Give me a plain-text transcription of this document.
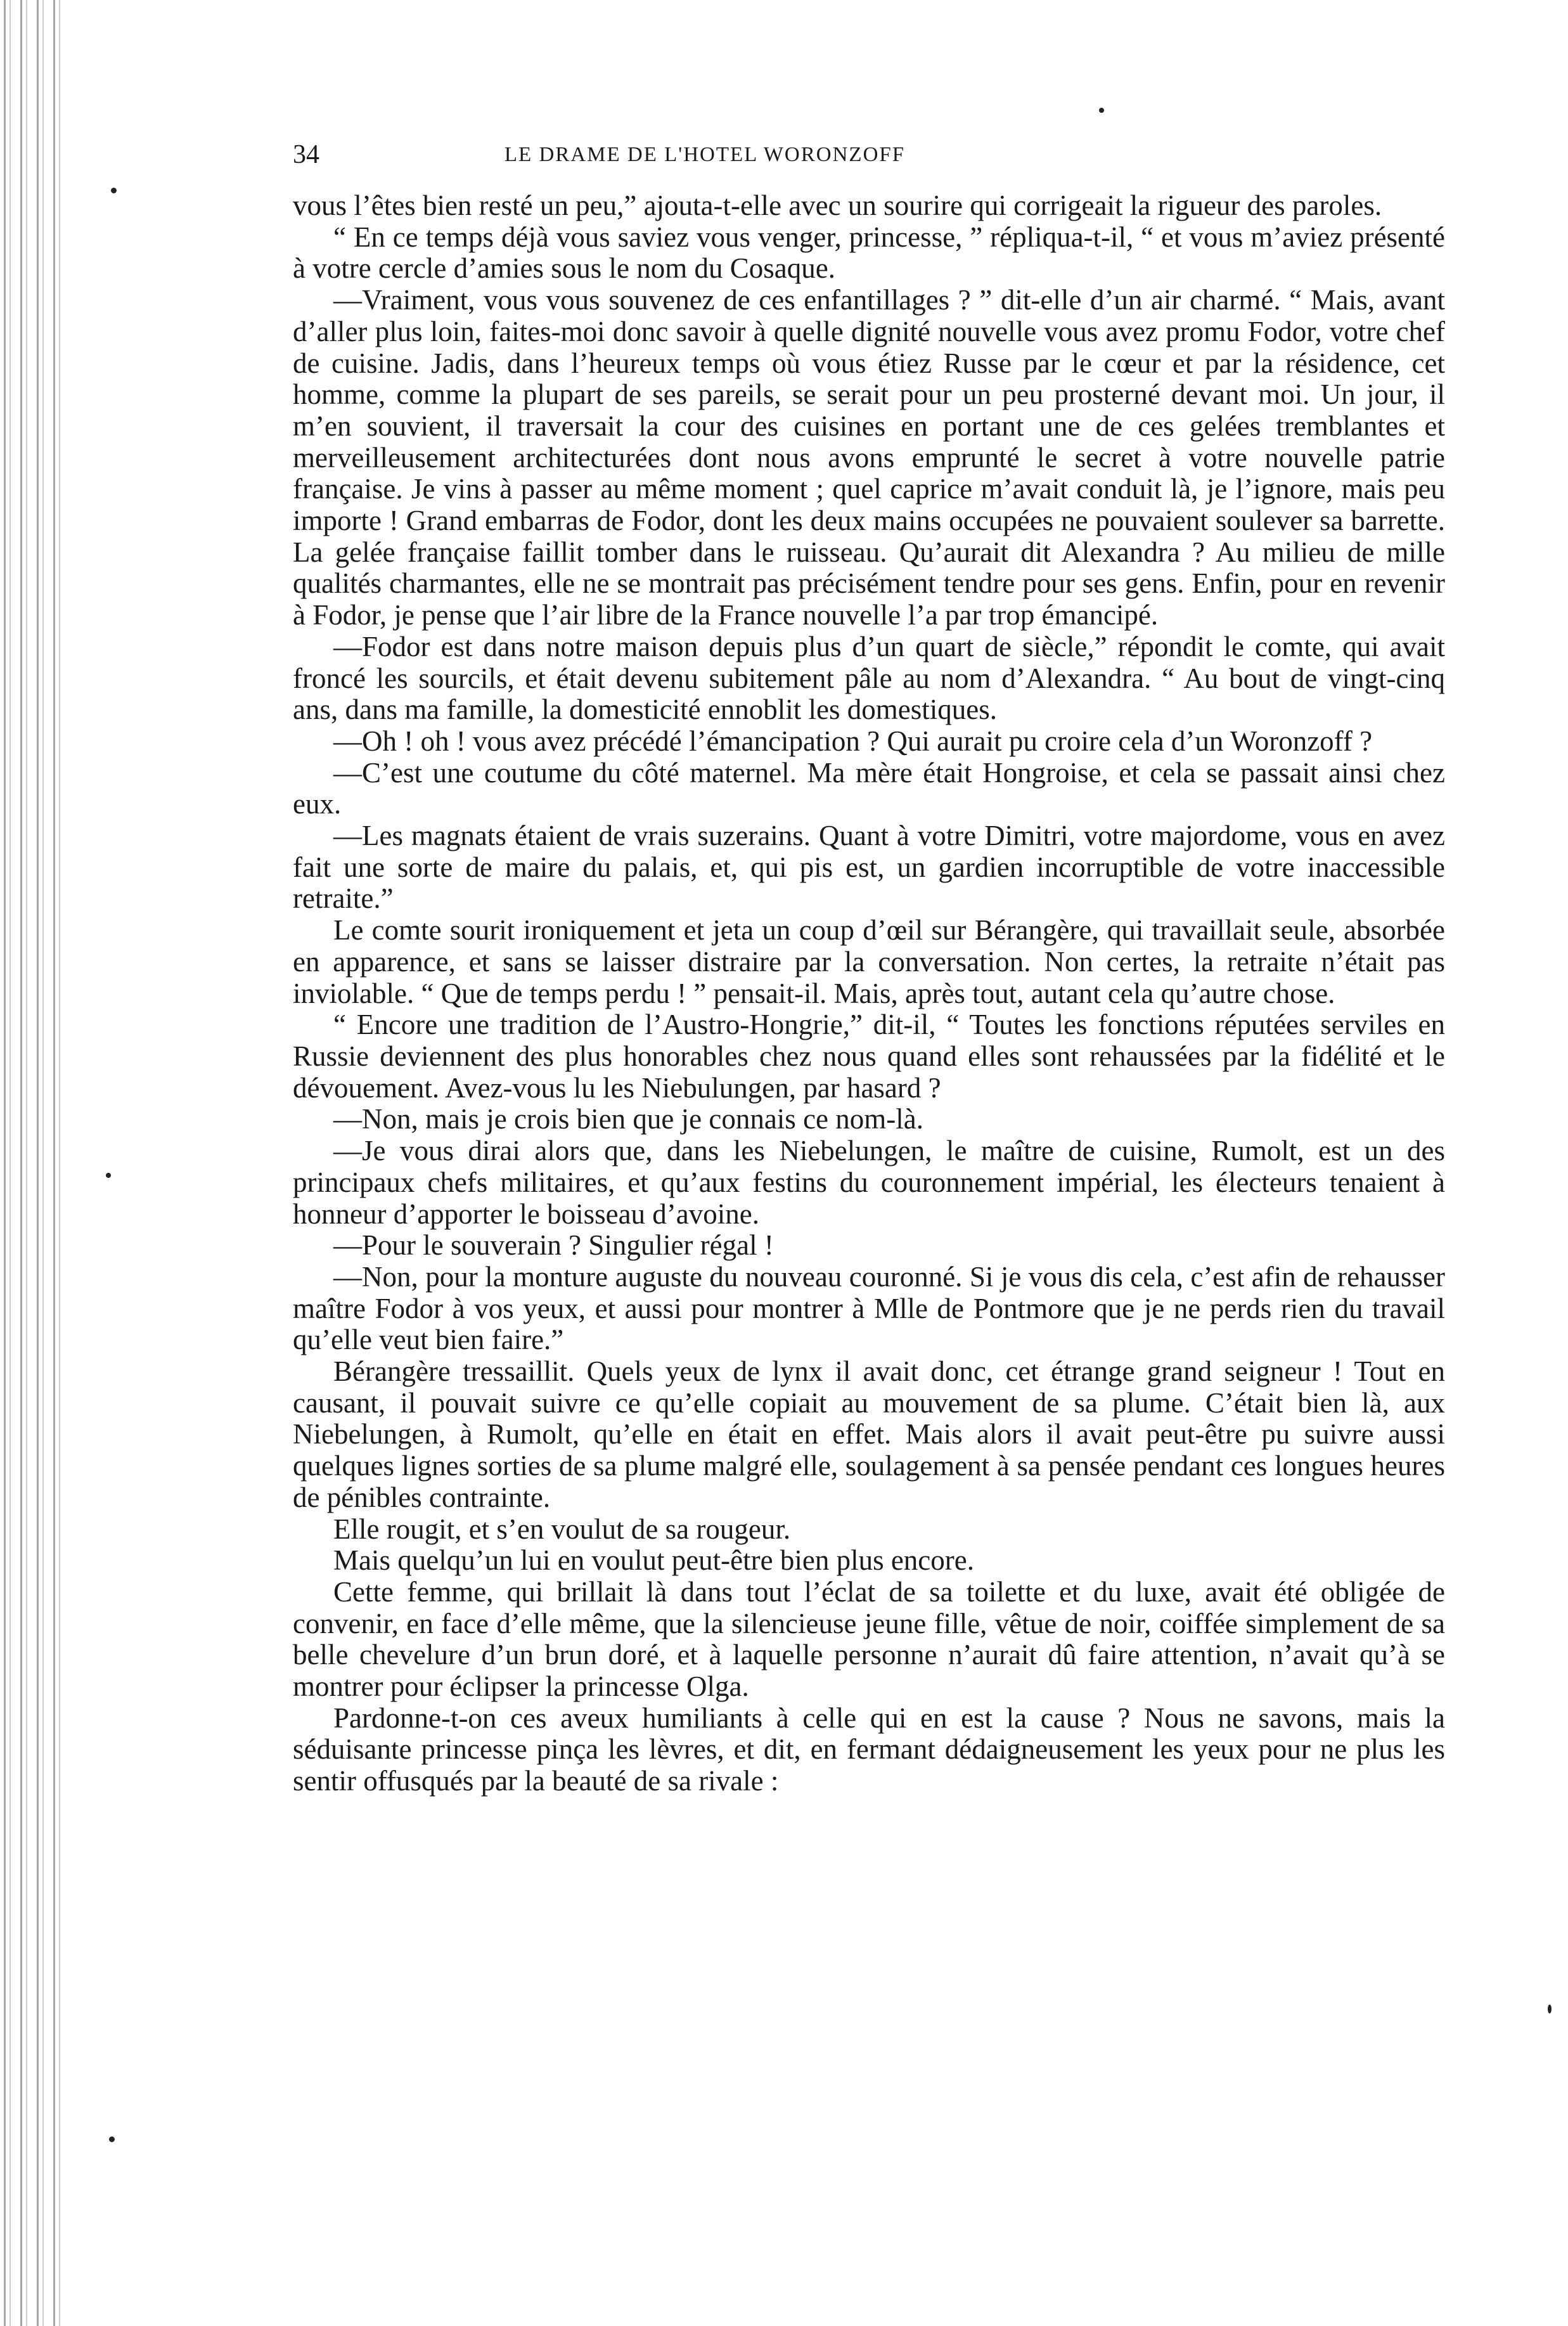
34	LE DRAME DE L'HOTEL WORONZOFF

vous l’êtes bien resté un peu,” ajouta-t-elle avec un sourire qui corrigeait la rigueur des paroles.

“ En ce temps déjà vous saviez vous venger, princesse, ” répliqua-t-il, “ et vous m’aviez présenté à votre cercle d’amies sous le nom du Cosaque.

—Vraiment, vous vous souvenez de ces enfantillages ? ” dit-elle d’un air charmé. “ Mais, avant d’aller plus loin, faites-moi donc savoir à quelle dignité nouvelle vous avez promu Fodor, votre chef de cuisine. Jadis, dans l’heureux temps où vous étiez Russe par le cœur et par la résidence, cet homme, comme la plupart de ses pareils, se serait pour un peu prosterné devant moi. Un jour, il m’en souvient, il traversait la cour des cuisines en portant une de ces gelées tremblantes et merveilleusement architecturées dont nous avons emprunté le secret à votre nouvelle patrie française. Je vins à passer au même moment ; quel caprice m’avait conduit là, je l’ignore, mais peu importe ! Grand embarras de Fodor, dont les deux mains occupées ne pouvaient soulever sa barrette. La gelée française faillit tomber dans le ruisseau. Qu’aurait dit Alexandra ? Au milieu de mille qualités charmantes, elle ne se montrait pas précisément tendre pour ses gens. Enfin, pour en revenir à Fodor, je pense que l’air libre de la France nouvelle l’a par trop émancipé.

—Fodor est dans notre maison depuis plus d’un quart de siècle,” répondit le comte, qui avait froncé les sourcils, et était devenu subitement pâle au nom d’Alexandra. “ Au bout de vingt-cinq ans, dans ma famille, la domesticité ennoblit les domestiques.

—Oh ! oh ! vous avez précédé l’émancipation ? Qui aurait pu croire cela d’un Woronzoff ?

—C’est une coutume du côté maternel. Ma mère était Hongroise, et cela se passait ainsi chez eux.

—Les magnats étaient de vrais suzerains. Quant à votre Dimitri, votre majordome, vous en avez fait une sorte de maire du palais, et, qui pis est, un gardien incorruptible de votre inaccessible retraite.”

Le comte sourit ironiquement et jeta un coup d’œil sur Bérangère, qui travaillait seule, absorbée en apparence, et sans se laisser distraire par la conversation. Non certes, la retraite n’était pas inviolable. “ Que de temps perdu ! ” pensait-il. Mais, après tout, autant cela qu’autre chose.

“ Encore une tradition de l’Austro-Hongrie,” dit-il, “ Toutes les fonctions réputées serviles en Russie deviennent des plus honorables chez nous quand elles sont rehaussées par la fidélité et le dévouement. Avez-vous lu les Niebulungen, par hasard ?

—Non, mais je crois bien que je connais ce nom-là.

—Je vous dirai alors que, dans les Niebelungen, le maître de cuisine, Rumolt, est un des principaux chefs militaires, et qu’aux festins du couronnement impérial, les électeurs tenaient à honneur d’apporter le boisseau d’avoine.

—Pour le souverain ? Singulier régal !

—Non, pour la monture auguste du nouveau couronné. Si je vous dis cela, c’est afin de rehausser maître Fodor à vos yeux, et aussi pour montrer à Mlle de Pontmore que je ne perds rien du travail qu’elle veut bien faire.”

Bérangère tressaillit. Quels yeux de lynx il avait donc, cet étrange grand seigneur ! Tout en causant, il pouvait suivre ce qu’elle copiait au mouvement de sa plume. C’était bien là, aux Niebelungen, à Rumolt, qu’elle en était en effet. Mais alors il avait peut-être pu suivre aussi quelques lignes sorties de sa plume malgré elle, soulagement à sa pensée pendant ces longues heures de pénibles contrainte.

Elle rougit, et s’en voulut de sa rougeur.

Mais quelqu’un lui en voulut peut-être bien plus encore.

Cette femme, qui brillait là dans tout l’éclat de sa toilette et du luxe, avait été obligée de convenir, en face d’elle même, que la silencieuse jeune fille, vêtue de noir, coiffée simplement de sa belle chevelure d’un brun doré, et à laquelle personne n’aurait dû faire attention, n’avait qu’à se montrer pour éclipser la princesse Olga.

Pardonne-t-on ces aveux humiliants à celle qui en est la cause ? Nous ne savons, mais la séduisante princesse pinça les lèvres, et dit, en fermant dédaigneusement les yeux pour ne plus les sentir offusqués par la beauté de sa rivale :
